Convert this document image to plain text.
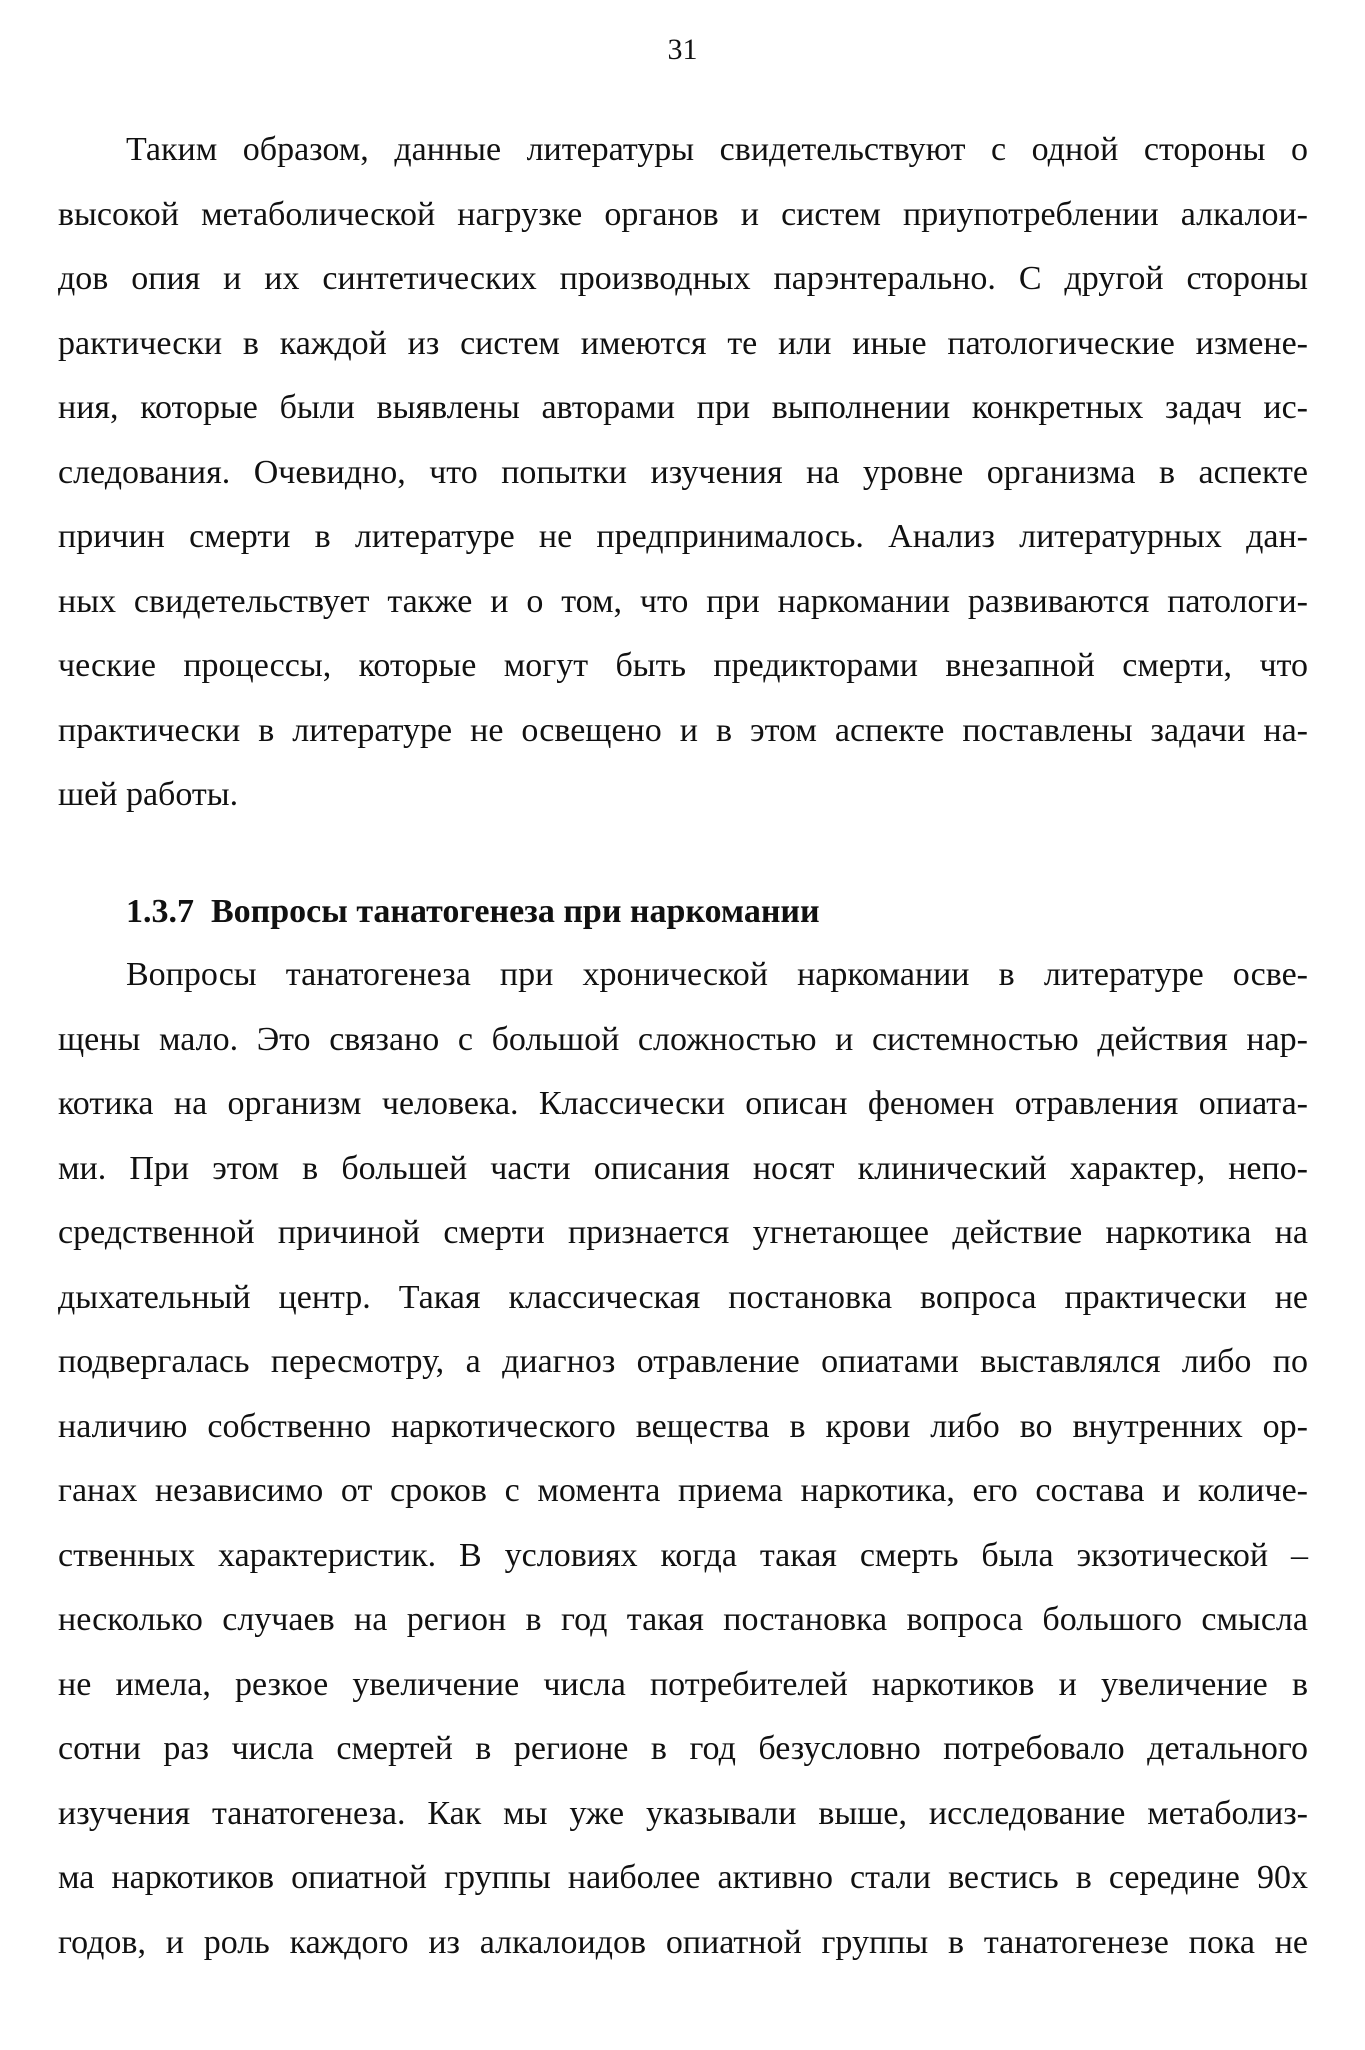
31
Таким образом, данные литературы свидетельствуют с одной стороны о
высокой метаболической нагрузке органов и систем приупотреблении алкалои-
дов опия и их синтетических производных парэнтерально. С другой стороны
рактически в каждой из систем имеются те или иные патологические измене-
ния, которые были выявлены авторами при выполнении конкретных задач ис-
следования. Очевидно, что попытки изучения на уровне организма в аспекте
причин смерти в литературе не предпринималось. Анализ литературных дан-
ных свидетельствует также и о том, что при наркомании развиваются патологи-
ческие процессы, которые могут быть предикторами внезапной смерти, что
практически в литературе не освещено и в этом аспекте поставлены задачи на-
шей работы.
1.3.7 Вопросы танатогенеза при наркомании
Вопросы танатогенеза при хронической наркомании в литературе осве-
щены мало. Это связано с большой сложностью и системностью действия нар-
котика на организм человека. Классически описан феномен отравления опиата-
ми. При этом в большей части описания носят клинический характер, непо-
средственной причиной смерти признается угнетающее действие наркотика на
дыхательный центр. Такая классическая постановка вопроса практически не
подвергалась пересмотру, а диагноз отравление опиатами выставлялся либо по
наличию собственно наркотического вещества в крови либо во внутренних ор-
ганах независимо от сроков с момента приема наркотика, его состава и количе-
ственных характеристик. В условиях когда такая смерть была экзотической –
несколько случаев на регион в год такая постановка вопроса большого смысла
не имела, резкое увеличение числа потребителей наркотиков и увеличение в
сотни раз числа смертей в регионе в год безусловно потребовало детального
изучения танатогенеза. Как мы уже указывали выше, исследование метаболиз-
ма наркотиков опиатной группы наиболее активно стали вестись в середине 90х
годов, и роль каждого из алкалоидов опиатной группы в танатогенезе пока не
